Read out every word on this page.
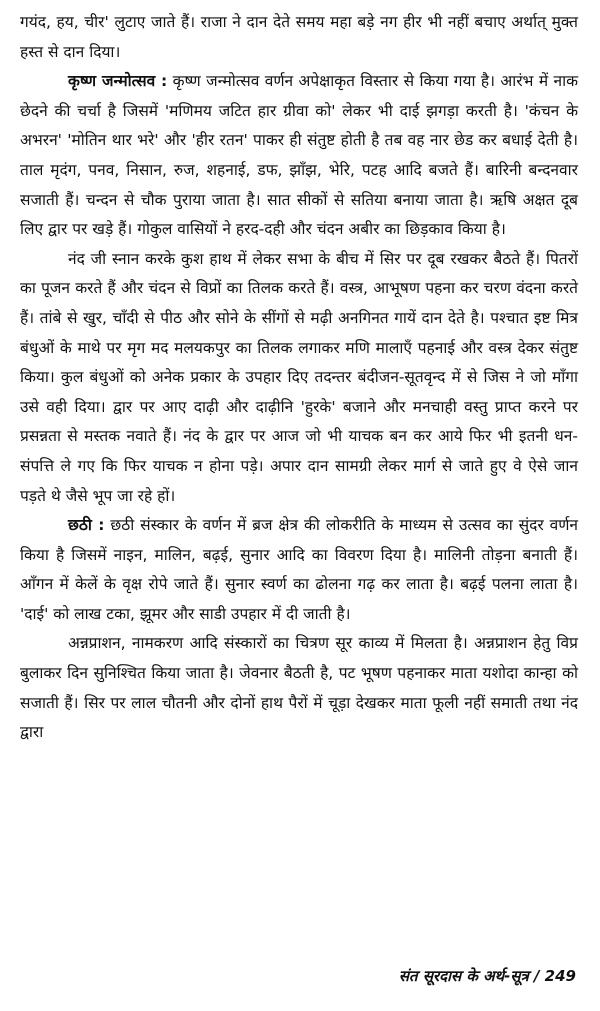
गयंद, हय, चीर' लुटाए जाते हैं। राजा ने दान देते समय महा बड़े नग हीर भी नहीं बचाए अर्थात् मुक्त हस्त से दान दिया।

कृष्ण जन्मोत्सव : कृष्ण जन्मोत्सव वर्णन अपेक्षाकृत विस्तार से किया गया है। आरंभ में नाक छेदने की चर्चा है जिसमें 'मणिमय जटित हार ग्रीवा को' लेकर भी दाई झगड़ा करती है। 'कंचन के अभरन' 'मोतिन थार भरे' और 'हीर रतन' पाकर ही संतुष्ट होती है तब वह नार छेड कर बधाई देती है। ताल मृदंग, पनव, निसान, रुज, शहनाई, डफ, झाँझ, भेरि, पटह आदि बजते हैं। बारिनी बन्दनवार सजाती हैं। चन्दन से चौक पुराया जाता है। सात सीकों से सतिया बनाया जाता है। ऋषि अक्षत दूब लिए द्वार पर खड़े हैं। गोकुल वासियों ने हरद-दही और चंदन अबीर का छिड़काव किया है।

नंद जी स्नान करके कुश हाथ में लेकर सभा के बीच में सिर पर दूब रखकर बैठते हैं। पितरों का पूजन करते हैं और चंदन से विप्रों का तिलक करते हैं। वस्त्र, आभूषण पहना कर चरण वंदना करते हैं। तांबे से खुर, चाँदी से पीठ और सोने के सींगों से मढ़ी अनगिनत गायें दान देते है। पश्चात इष्ट मित्र बंधुओं के माथे पर मृग मद मलयकपुर का तिलक लगाकर मणि मालाएँ पहनाई और वस्त्र देकर संतुष्ट किया। कुल बंधुओं को अनेक प्रकार के उपहार दिए तदन्तर बंदीजन-सूतवृन्द में से जिस ने जो माँगा उसे वही दिया। द्वार पर आए दाढ़ी और दाढ़ीनि 'हुरके' बजाने और मनचाही वस्तु प्राप्त करने पर प्रसन्नता से मस्तक नवाते हैं। नंद के द्वार पर आज जो भी याचक बन कर आये फिर भी इतनी धन-संपत्ति ले गए कि फिर याचक न होना पड़े। अपार दान सामग्री लेकर मार्ग से जाते हुए वे ऐसे जान पड़ते थे जैसे भूप जा रहे हों।

छठी : छठी संस्कार के वर्णन में ब्रज क्षेत्र की लोकरीति के माध्यम से उत्सव का सुंदर वर्णन किया है जिसमें नाइन, मालिन, बढ़ई, सुनार आदि का विवरण दिया है। मालिनी तोड़ना बनाती हैं। आँगन में केलें के वृक्ष रोपे जाते हैं। सुनार स्वर्ण का ढोलना गढ़ कर लाता है। बढ़ई पलना लाता है। 'दाई' को लाख टका, झूमर और साडी उपहार में दी जाती है।

अन्नप्राशन, नामकरण आदि संस्कारों का चित्रण सूर काव्य में मिलता है। अन्नप्राशन हेतु विप्र बुलाकर दिन सुनिश्चित किया जाता है। जेवनार बैठती है, पट भूषण पहनाकर माता यशोदा कान्हा को सजाती हैं। सिर पर लाल चौतनी और दोनों हाथ पैरों में चूड़ा देखकर माता फूली नहीं समाती तथा नंद द्वारा

संत सूरदास के अर्थ-सूत्र / 249
